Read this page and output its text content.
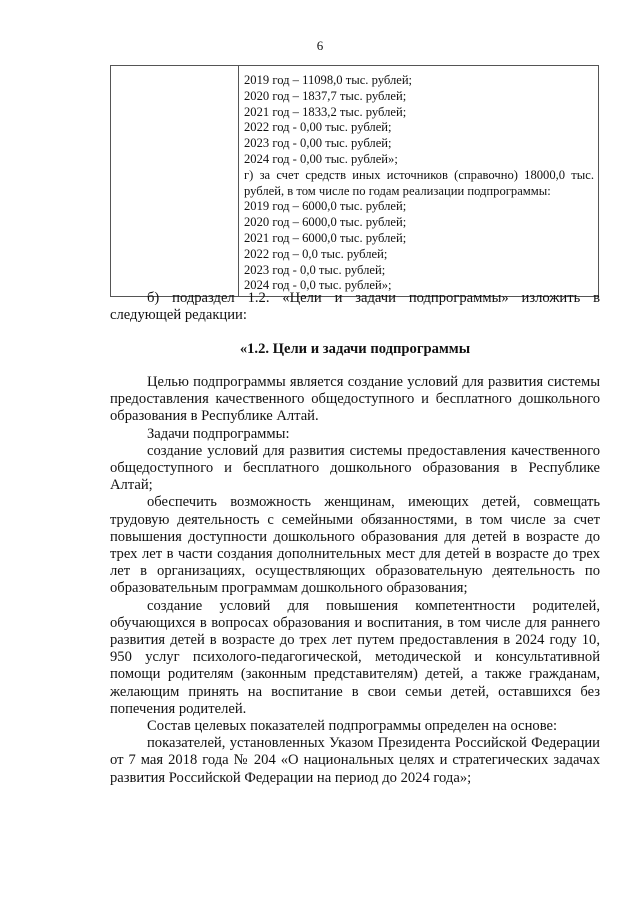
6

2019 год – 11098,0 тыс. рублей;
2020 год – 1837,7 тыс. рублей;
2021 год – 1833,2 тыс. рублей;
2022 год - 0,00 тыс. рублей;
2023 год - 0,00 тыс. рублей;
2024 год - 0,00 тыс. рублей»;
г) за счет средств иных источников (справочно) 18000,0 тыс. рублей, в том числе по годам реализации подпрограммы:
2019 год – 6000,0 тыс. рублей;
2020 год – 6000,0 тыс. рублей;
2021 год – 6000,0 тыс. рублей;
2022 год – 0,0 тыс. рублей;
2023 год - 0,0 тыс. рублей;
2024 год - 0,0 тыс. рублей»;

б) подраздел 1.2. «Цели и задачи подпрограммы» изложить в следующей редакции:

«1.2. Цели и задачи подпрограммы

Целью подпрограммы является создание условий для развития системы предоставления качественного общедоступного и бесплатного дошкольного образования в Республике Алтай.

Задачи подпрограммы:

создание условий для развития системы предоставления качественного общедоступного и бесплатного дошкольного образования в Республике Алтай;

обеспечить возможность женщинам, имеющих детей, совмещать трудовую деятельность с семейными обязанностями, в том числе за счет повышения доступности дошкольного образования для детей в возрасте до трех лет в части создания дополнительных мест для детей в возрасте до трех лет в организациях, осуществляющих образовательную деятельность по образовательным программам дошкольного образования;

создание условий для повышения компетентности родителей, обучающихся в вопросах образования и воспитания, в том числе для раннего развития детей в возрасте до трех лет путем предоставления в 2024 году 10, 950 услуг психолого-педагогической, методической и консультативной помощи родителям (законным представителям) детей, а также гражданам, желающим принять на воспитание в свои семьи детей, оставшихся без попечения родителей.

Состав целевых показателей подпрограммы определен на основе:

показателей, установленных Указом Президента Российской Федерации от 7 мая 2018 года № 204 «О национальных целях и стратегических задачах развития Российской Федерации на период до 2024 года»;
